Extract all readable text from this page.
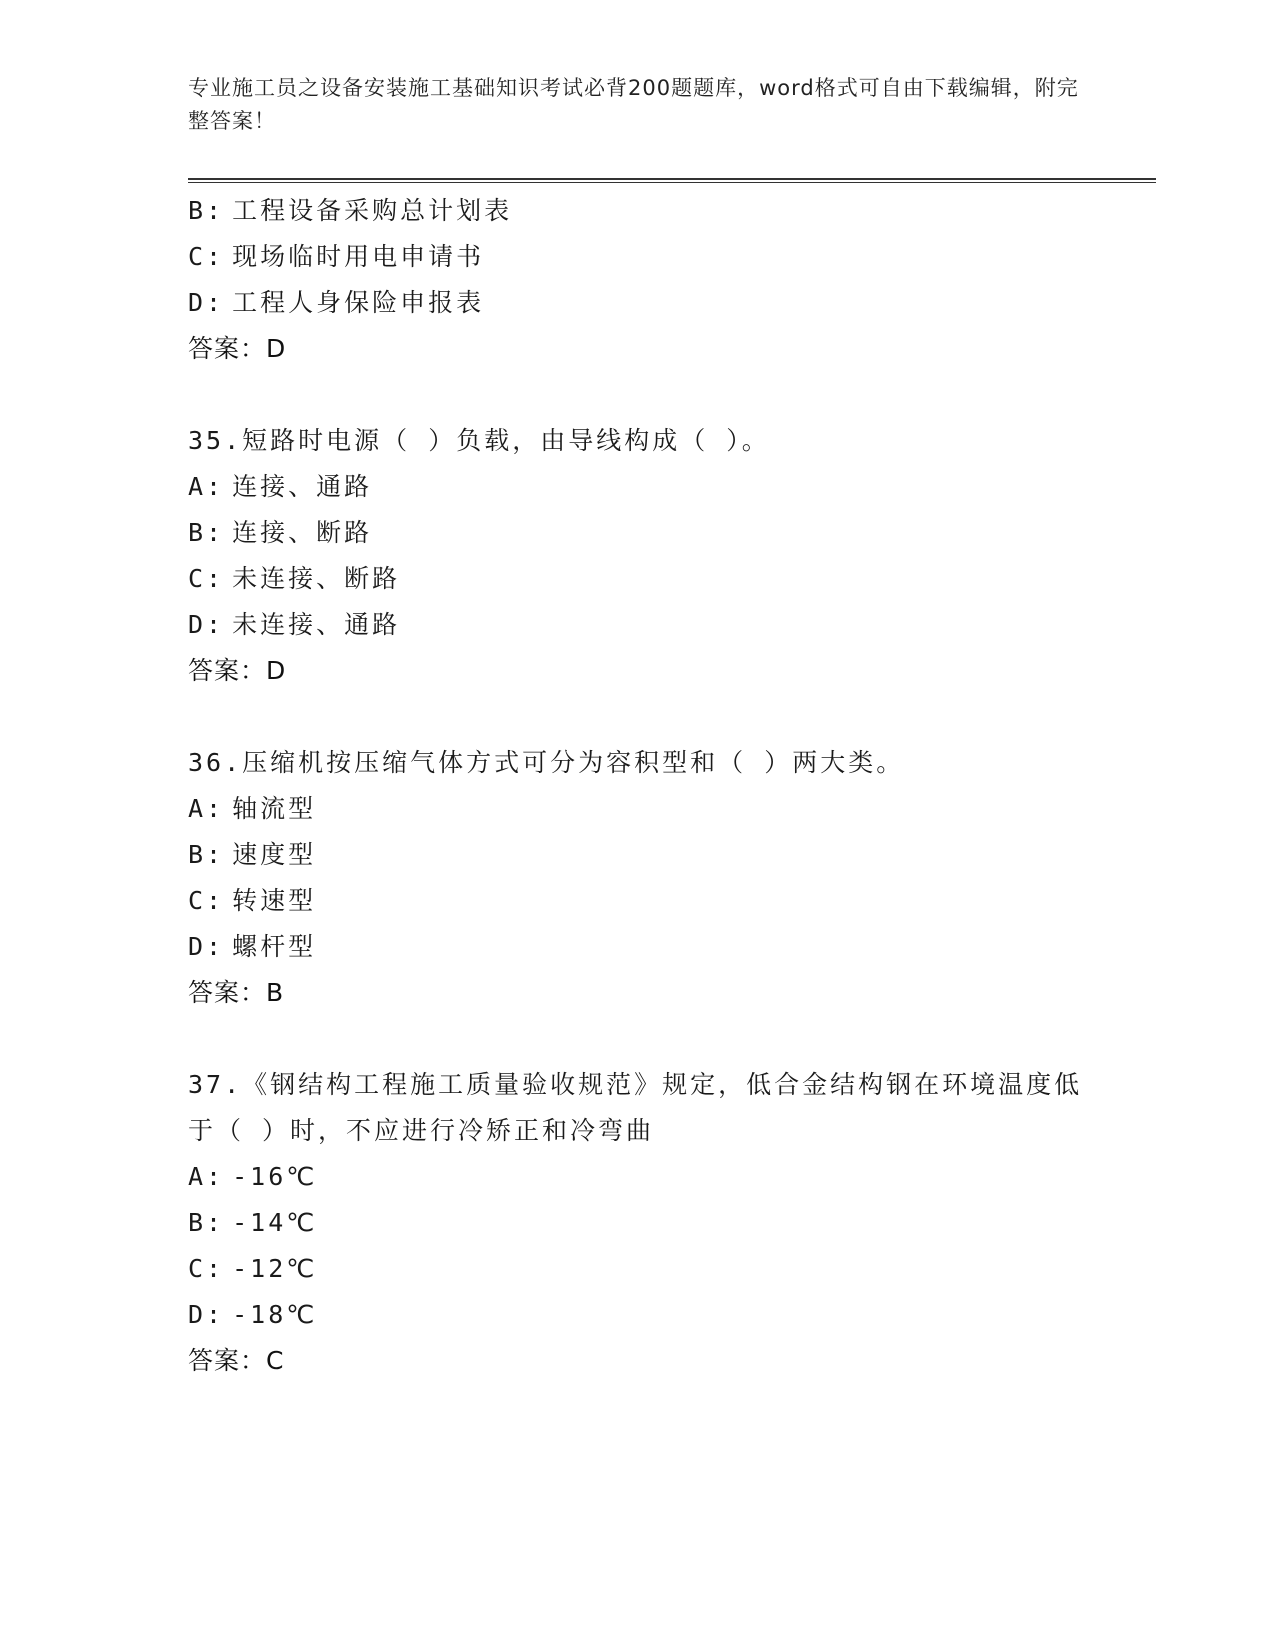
专业施工员之设备安装施工基础知识考试必背200题题库，word格式可自由下载编辑，附完整答案！
B: 工程设备采购总计划表
C: 现场临时用电申请书
D: 工程人身保险申报表
答案：D
35.短路时电源（ ）负载，由导线构成（ ）。
A: 连接、通路
B: 连接、断路
C: 未连接、断路
D: 未连接、通路
答案：D
36.压缩机按压缩气体方式可分为容积型和（ ）两大类。
A: 轴流型
B: 速度型
C: 转速型
D: 螺杆型
答案：B
37.《钢结构工程施工质量验收规范》规定，低合金结构钢在环境温度低于（ ）时，不应进行冷矫正和冷弯曲
A: -16℃
B: -14℃
C: -12℃
D: -18℃
答案：C
